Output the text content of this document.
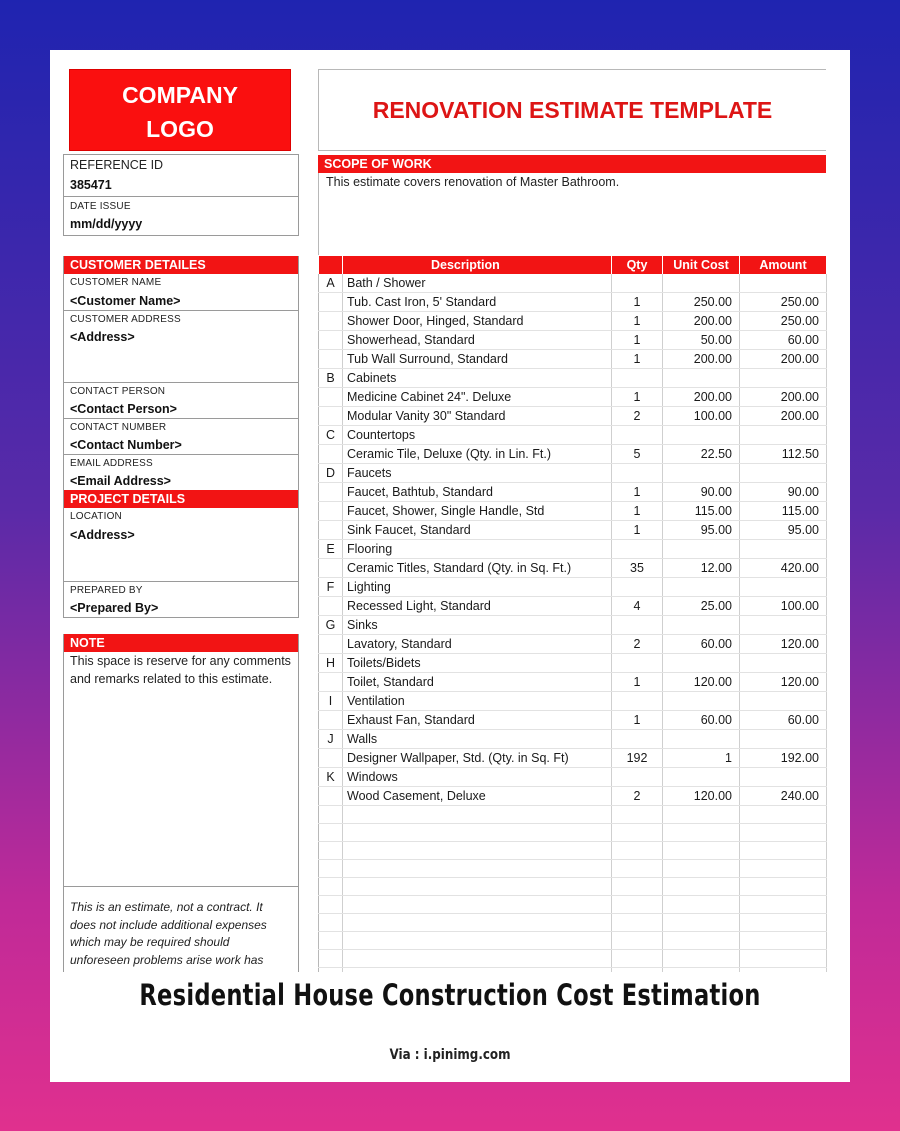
COMPANY
LOGO
RENOVATION ESTIMATE TEMPLATE
REFERENCE ID
385471
DATE ISSUE
mm/dd/yyyy
CUSTOMER DETAILES
CUSTOMER NAME
<Customer Name>
CUSTOMER ADDRESS
<Address>
CONTACT PERSON
<Contact Person>
CONTACT NUMBER
<Contact Number>
EMAIL ADDRESS
<Email Address>
PROJECT DETAILS
LOCATION
<Address>
PREPARED BY
<Prepared By>
NOTE
This space is reserve for any comments and remarks related to this estimate.
This is an estimate, not a contract. It does not include additional expenses which may be required should unforeseen problems arise work has
SCOPE OF WORK
This estimate covers renovation of Master Bathroom.
	Description	Qty	Unit Cost	Amount
A	Bath / Shower			
	Tub. Cast Iron, 5' Standard	1	250.00	250.00
	Shower Door, Hinged, Standard	1	200.00	250.00
	Showerhead, Standard	1	50.00	60.00
	Tub Wall Surround, Standard	1	200.00	200.00
B	Cabinets			
	Medicine Cabinet 24". Deluxe	1	200.00	200.00
	Modular Vanity 30" Standard	2	100.00	200.00
C	Countertops			
	Ceramic Tile, Deluxe (Qty. in Lin. Ft.)	5	22.50	112.50
D	Faucets			
	Faucet, Bathtub, Standard	1	90.00	90.00
	Faucet, Shower, Single Handle, Std	1	115.00	115.00
	Sink Faucet, Standard	1	95.00	95.00
E	Flooring			
	Ceramic Titles, Standard (Qty. in Sq. Ft.)	35	12.00	420.00
F	Lighting			
	Recessed Light, Standard	4	25.00	100.00
G	Sinks			
	Lavatory, Standard	2	60.00	120.00
H	Toilets/Bidets			
	Toilet, Standard	1	120.00	120.00
I	Ventilation			
	Exhaust Fan, Standard	1	60.00	60.00
J	Walls			
	Designer Wallpaper, Std. (Qty. in Sq. Ft)	192	1	192.00
K	Windows			
	Wood Casement, Deluxe	2	120.00	240.00

Residential House Construction Cost Estimation
Via : i.pinimg.com
